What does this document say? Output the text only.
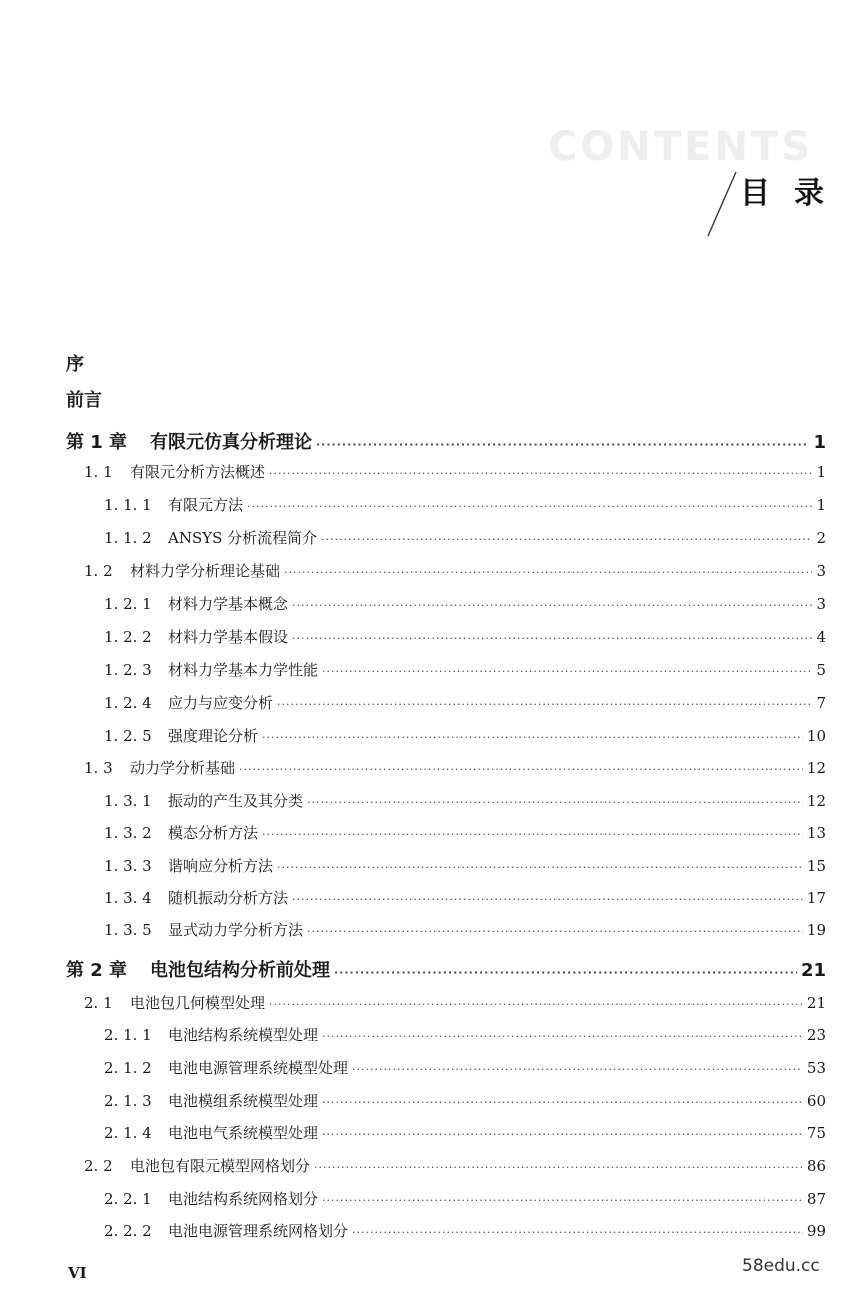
CONTENTS
目录
序
前言
第 1 章	有限元仿真分析理论 ·····	1
1. 1	有限元分析方法概述 ·····	1
1. 1. 1 有限元方法 ·····	1
1. 1. 2 ANSYS 分析流程简介 ·····	2
1. 2	材料力学分析理论基础 ·····	3
1. 2. 1 材料力学基本概念 ·····	3
1. 2. 2 材料力学基本假设 ·····	4
1. 2. 3 材料力学基本力学性能 ·····	5
1. 2. 4 应力与应变分析 ·····	7
1. 2. 5 强度理论分析 ·····	10
1. 3	动力学分析基础 ·····	12
1. 3. 1 振动的产生及其分类 ·····	12
1. 3. 2 模态分析方法 ·····	13
1. 3. 3 谐响应分析方法 ·····	15
1. 3. 4 随机振动分析方法 ·····	17
1. 3. 5 显式动力学分析方法 ·····	19
第 2 章	电池包结构分析前处理 ·····	21
2. 1	电池包几何模型处理 ·····	21
2. 1. 1 电池结构系统模型处理 ·····	23
2. 1. 2 电池电源管理系统模型处理 ·····	53
2. 1. 3 电池模组系统模型处理 ·····	60
2. 1. 4 电池电气系统模型处理 ·····	75
2. 2	电池包有限元模型网格划分 ·····	86
2. 2. 1 电池结构系统网格划分 ·····	87
2. 2. 2 电池电源管理系统网格划分 ·····	99
VI	58edu.cc
